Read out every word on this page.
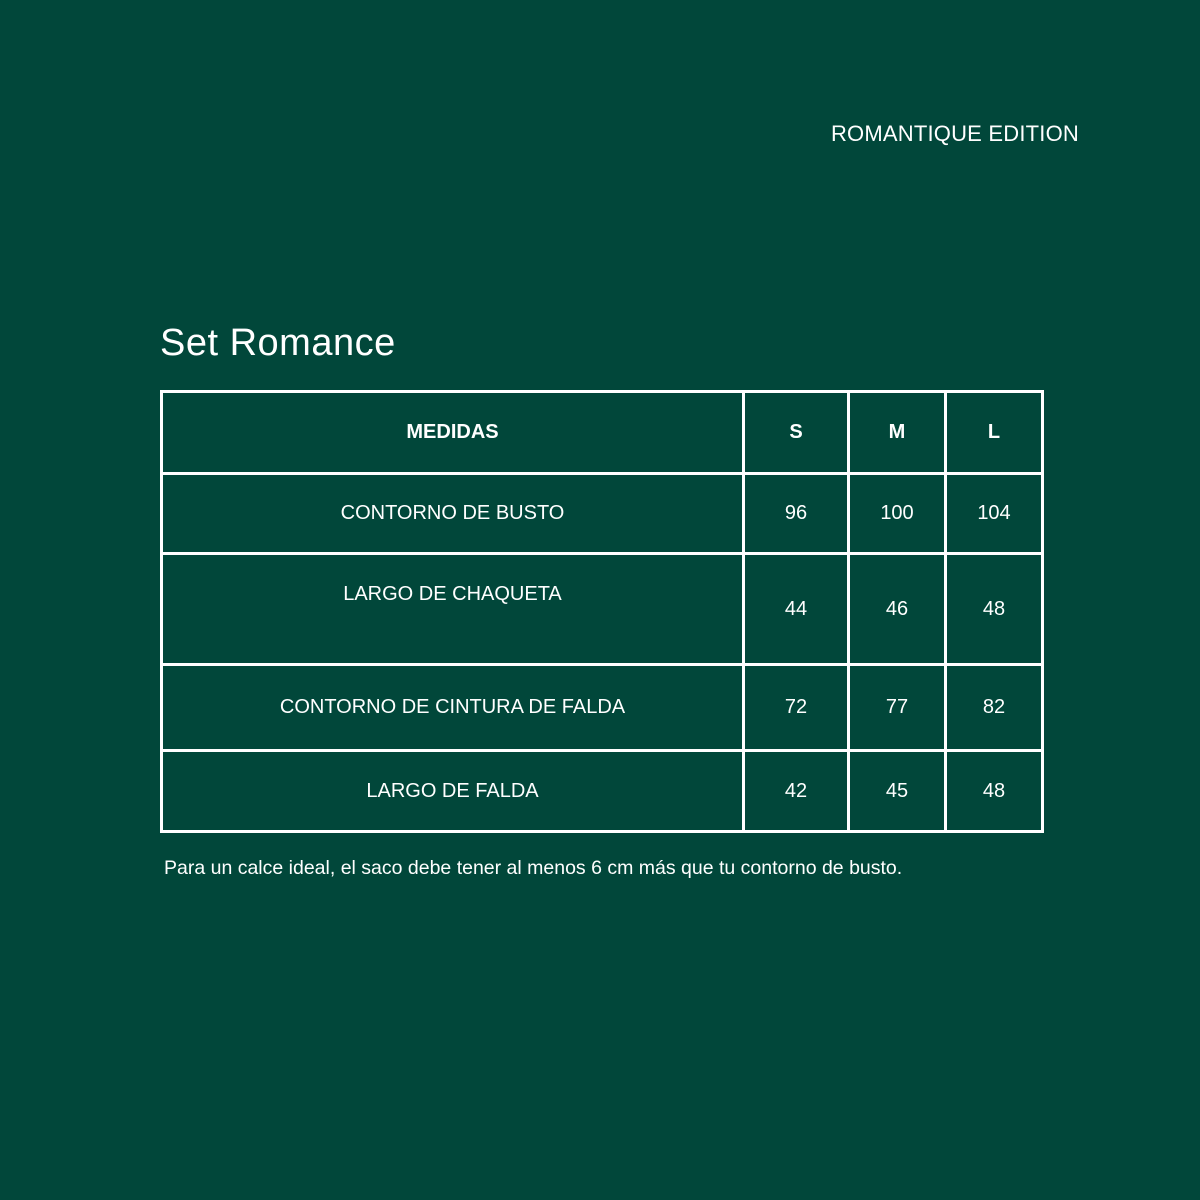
ROMANTIQUE EDITION
Set Romance
MEDIDAS	S	M	L
CONTORNO DE BUSTO	96	100	104
LARGO DE CHAQUETA	44	46	48
CONTORNO DE CINTURA DE FALDA	72	77	82
LARGO DE FALDA	42	45	48
Para un calce ideal, el saco debe tener al menos 6 cm más que tu contorno de busto.
